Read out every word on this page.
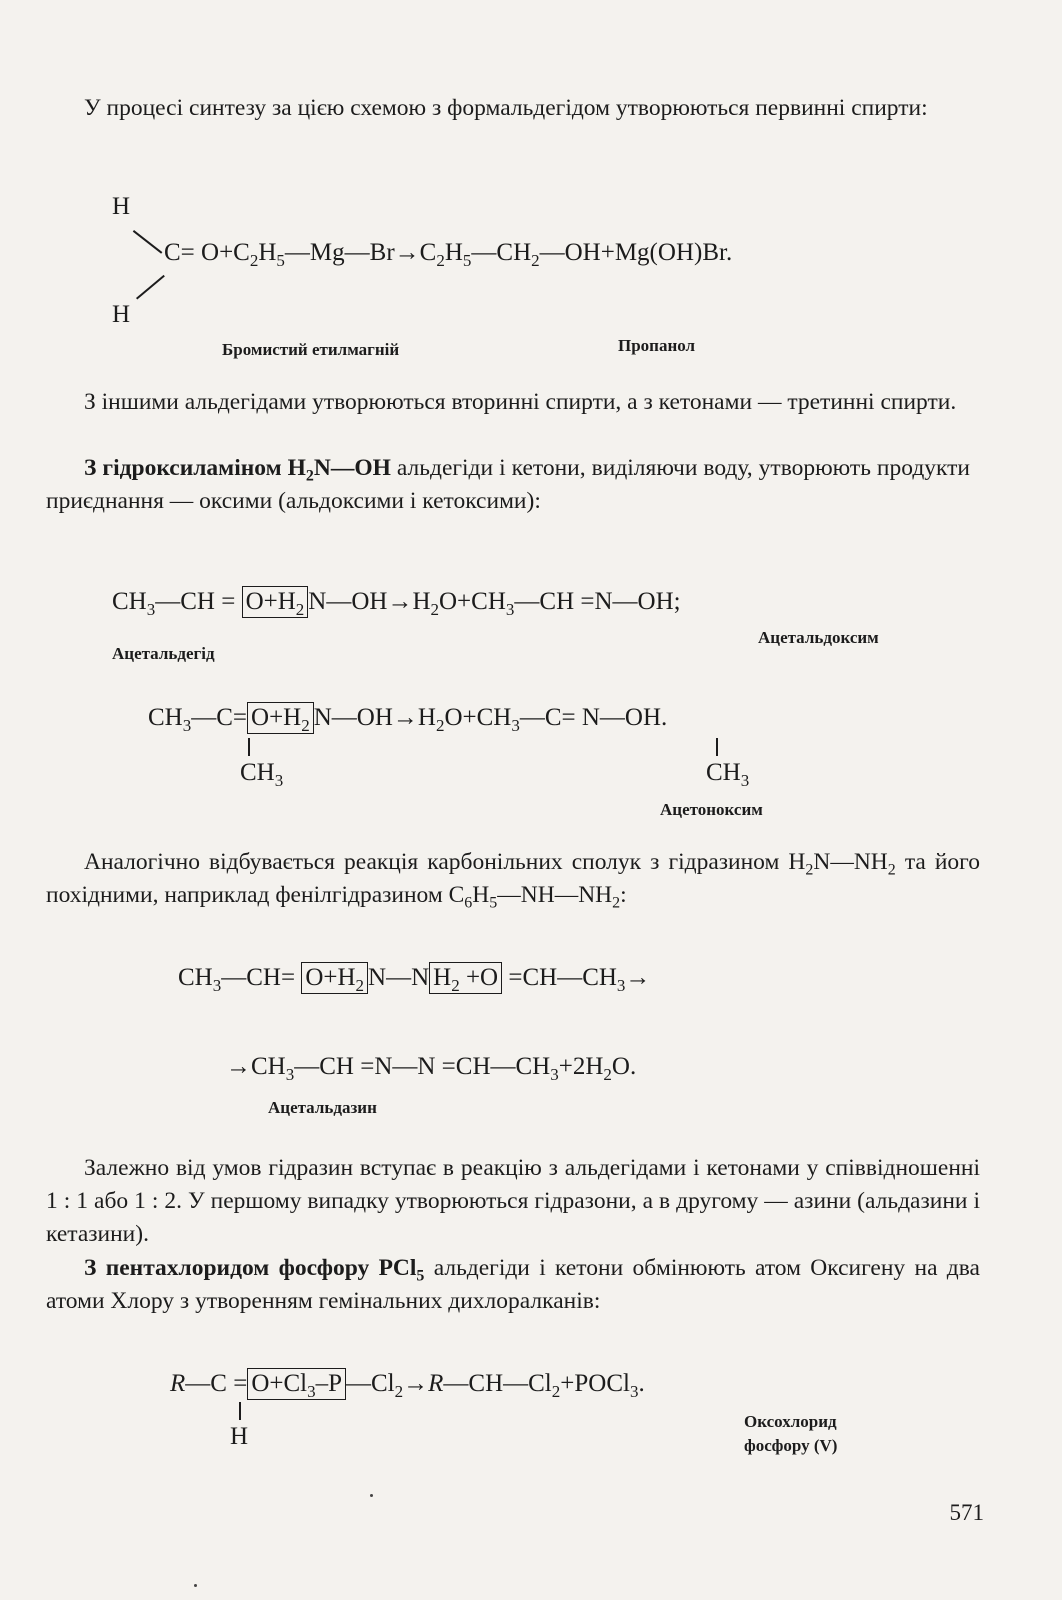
У процесі синтезу за цією схемою з формальдегідом утворюються первинні спирти:

H
$C= O+C_2H_5—Mg—Br\to C_2H_5—CH_2—OH+Mg(OH)Br$.
H
Бромистий етилмагній	Пропанол

З іншими альдегідами утворюються вторинні спирти, а з кетонами — третинні спирти.

З гідроксиламіном $H_2N—OH$ альдегіди і кетони, виділяючи воду, утворюють продукти приєднання — оксими (альдоксими і кетоксими):

$CH_3—CH = O+H_2$ $N—OH\to H_2O+CH_3—CH$ =N—OH;
Ацетальдегід
Ацетальдоксим
$CH_3—C= O+H_2$ $N—OH\to H_2O+CH_3—C=$ N—OH.
$CH_3$	$CH_3$
Ацетоноксим

Аналогічно відбувається реакція карбонільних сполук з гідразином $H_2N—NH_2$ та його похідними, наприклад фенілгідразином $C_6H_5—NH—NH_2$:

$CH_3—CH= O+H_2$ N—N $H_2 +O$ $=CH—CH_3\to$
$\to CH_3—CH$ =N—N $=CH—CH_3+2H_2O$.
Ацетальдазин

Залежно від умов гідразин вступає в реакцію з альдегідами і кетонами у співвідношенні 1 : 1 або 1 : 2. У першому випадку утворюються гідразони, а в другому — азини (альдазини і кетазини).

З пентахлоридом фосфору PCl$_5$ альдегіди і кетони обмінюють атом Оксигену на два атоми Хлору з утворенням гемінальних дихлоралканів:

R—C = $O+Cl_3-P$ $—Cl_2\to R—CH—Cl_2+POCl_3$.
H
Оксохлорид
фосфору (V)
571
